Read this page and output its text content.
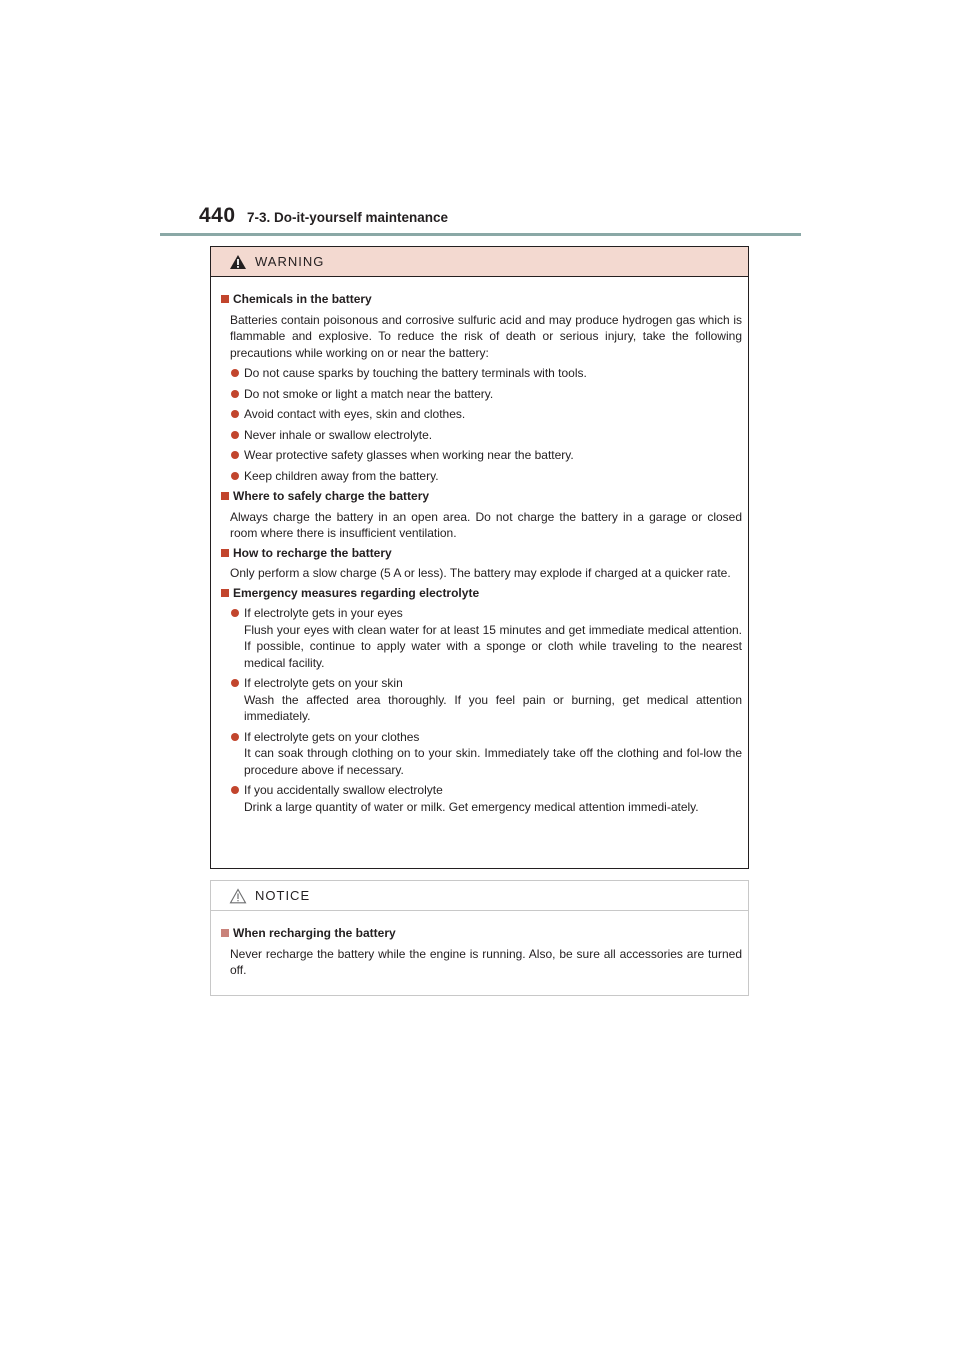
440 7-3. Do-it-yourself maintenance
WARNING
Chemicals in the battery
Batteries contain poisonous and corrosive sulfuric acid and may produce hydrogen gas which is flammable and explosive. To reduce the risk of death or serious injury, take the following precautions while working on or near the battery:
Do not cause sparks by touching the battery terminals with tools.
Do not smoke or light a match near the battery.
Avoid contact with eyes, skin and clothes.
Never inhale or swallow electrolyte.
Wear protective safety glasses when working near the battery.
Keep children away from the battery.
Where to safely charge the battery
Always charge the battery in an open area. Do not charge the battery in a garage or closed room where there is insufficient ventilation.
How to recharge the battery
Only perform a slow charge (5 A or less). The battery may explode if charged at a quicker rate.
Emergency measures regarding electrolyte
If electrolyte gets in your eyes
Flush your eyes with clean water for at least 15 minutes and get immediate medical attention. If possible, continue to apply water with a sponge or cloth while traveling to the nearest medical facility.
If electrolyte gets on your skin
Wash the affected area thoroughly. If you feel pain or burning, get medical attention immediately.
If electrolyte gets on your clothes
It can soak through clothing on to your skin. Immediately take off the clothing and fol-low the procedure above if necessary.
If you accidentally swallow electrolyte
Drink a large quantity of water or milk. Get emergency medical attention immedi-ately.
NOTICE
When recharging the battery
Never recharge the battery while the engine is running. Also, be sure all accessories are turned off.
